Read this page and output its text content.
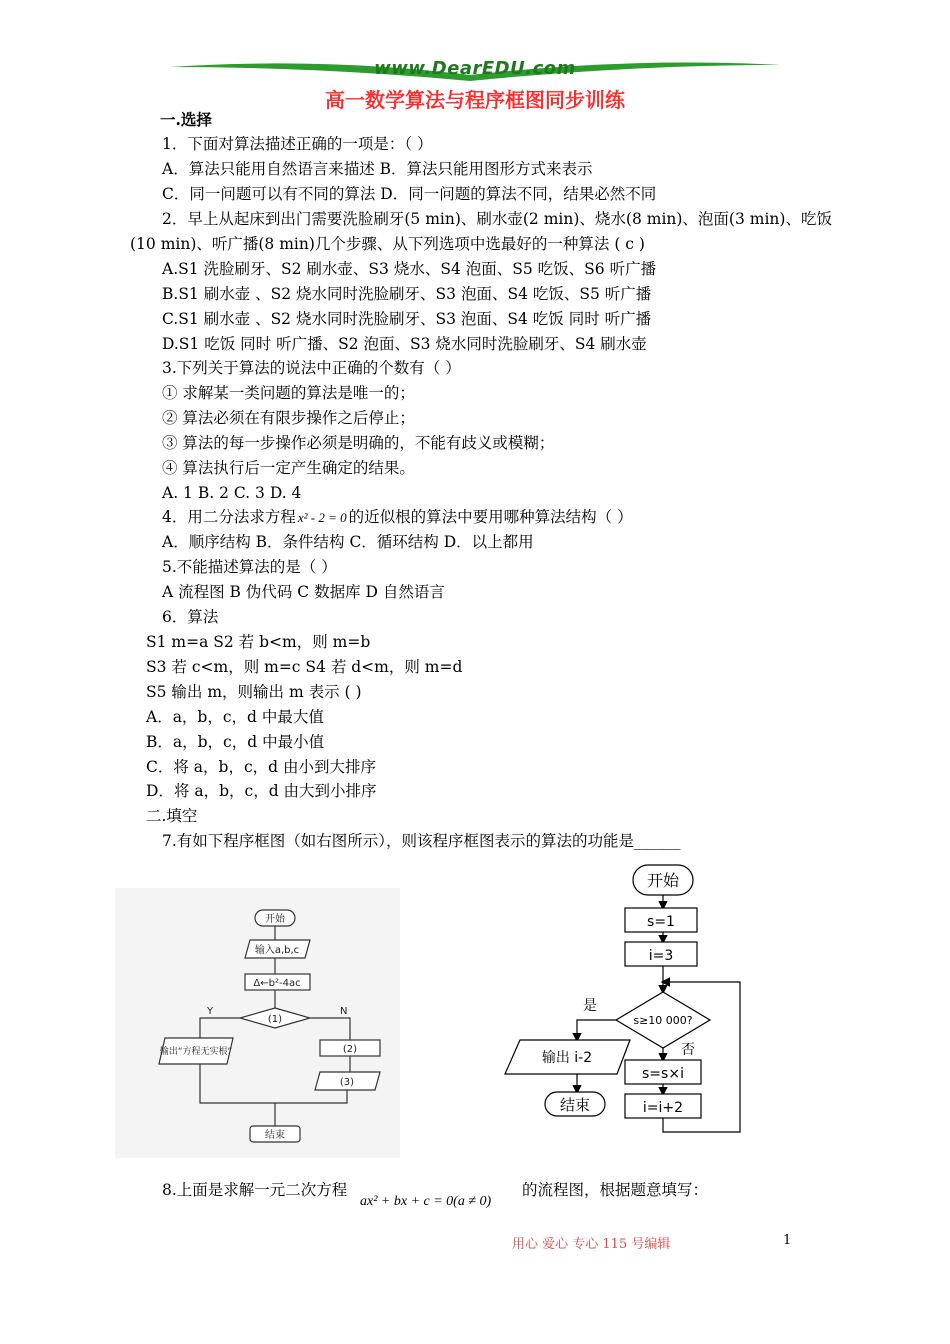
www.DearEDU.com
高一数学算法与程序框图同步训练
一.选择
1．下面对算法描述正确的一项是：（ ）
A．算法只能用自然语言来描述 B．算法只能用图形方式来表示
C．同一问题可以有不同的算法 D．同一问题的算法不同，结果必然不同
2．早上从起床到出门需要洗脸刷牙(5 min)、刷水壶(2 min)、烧水(8 min)、泡面(3 min)、吃饭
(10 min)、听广播(8 min)几个步骤、从下列选项中选最好的一种算法 ( c )
A.S1 洗脸刷牙、S2 刷水壶、S3 烧水、S4 泡面、S5 吃饭、S6 听广播
B.S1 刷水壶 、S2 烧水同时洗脸刷牙、S3 泡面、S4 吃饭、S5 听广播
C.S1 刷水壶 、S2 烧水同时洗脸刷牙、S3 泡面、S4 吃饭 同时 听广播
D.S1 吃饭 同时 听广播、S2 泡面、S3 烧水同时洗脸刷牙、S4 刷水壶
3.下列关于算法的说法中正确的个数有（ ）
① 求解某一类问题的算法是唯一的；
② 算法必须在有限步操作之后停止；
③ 算法的每一步操作必须是明确的，不能有歧义或模糊；
④ 算法执行后一定产生确定的结果。
A. 1 B. 2 C. 3 D. 4
4．用二分法求方程 x² - 2 = 0 的近似根的算法中要用哪种算法结构（ ）
A．顺序结构 B．条件结构 C．循环结构 D．以上都用
5.不能描述算法的是（ ）
A 流程图 B 伪代码 C 数据库 D 自然语言
6．算法
S1 m=a S2 若 b<m，则 m=b
S3 若 c<m，则 m=c S4 若 d<m，则 m=d
S5 输出 m，则输出 m 表示 ( )
A．a，b，c，d 中最大值
B．a，b，c，d 中最小值
C．将 a，b，c，d 由小到大排序
D．将 a，b，c，d 由大到小排序
二.填空
7.有如下程序框图（如右图所示），则该程序框图表示的算法的功能是______
开始
输入a,b,c
Δ←b²-4ac
(1)
Y	N
输出“方程无实根”	(2)
(3)
结束
开始
s=1
i=3
s≥10 000?
是
否
输出 i-2
s=s×i
i=i+2
结束
8.上面是求解一元二次方程
ax² + bx + c = 0(a ≠ 0)
的流程图，根据题意填写：
用心 爱心 专心 115 号编辑	1
